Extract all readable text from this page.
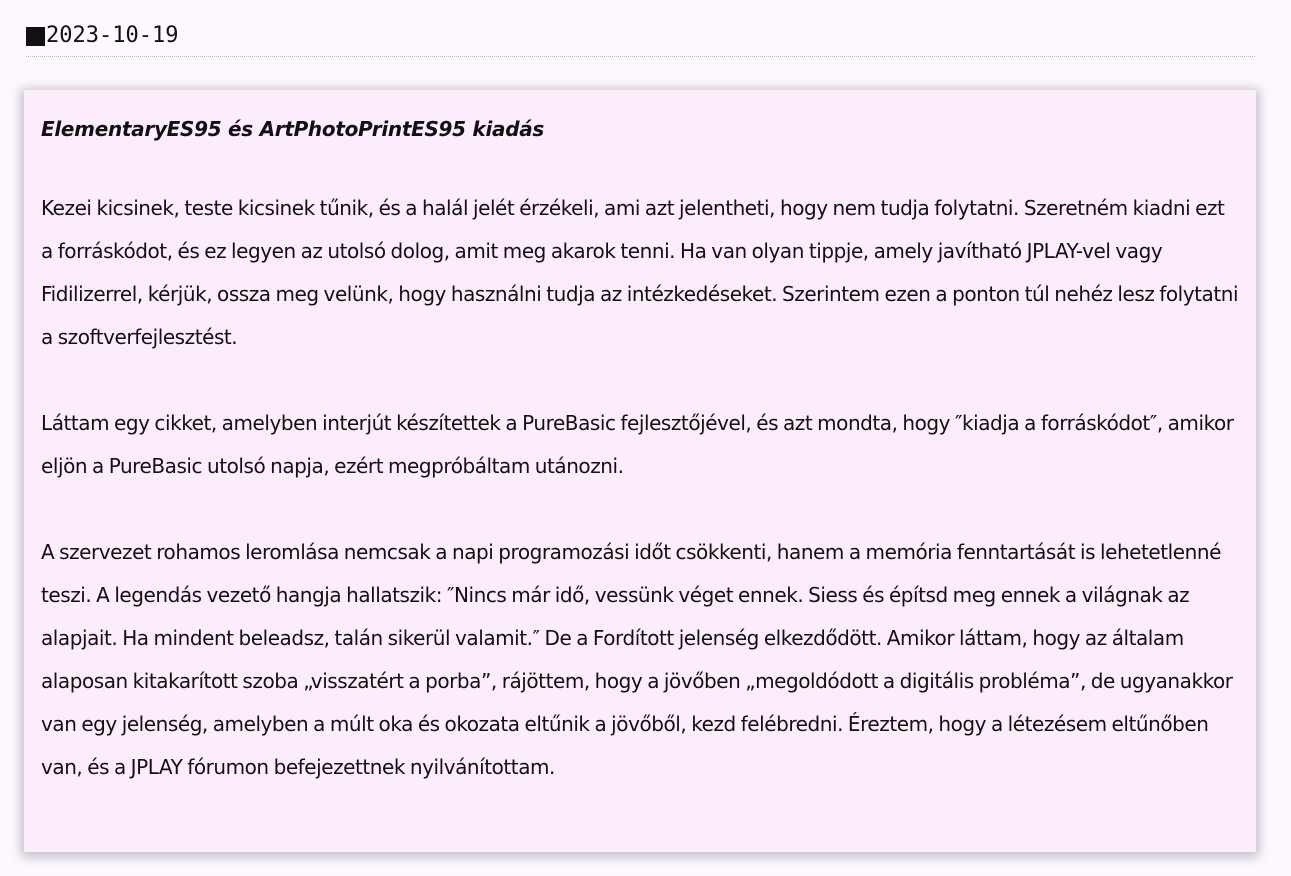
2023-10-19
ElementaryES95 és ArtPhotoPrintES95 kiadás

Kezei kicsinek, teste kicsinek tűnik, és a halál jelét érzékeli, ami azt jelentheti, hogy nem tudja folytatni. Szeretném kiadni ezt a forráskódot, és ez legyen az utolsó dolog, amit meg akarok tenni. Ha van olyan tippje, amely javítható JPLAY-vel vagy Fidilizerrel, kérjük, ossza meg velünk, hogy használni tudja az intézkedéseket. Szerintem ezen a ponton túl nehéz lesz folytatni a szoftverfejlesztést.

Láttam egy cikket, amelyben interjút készítettek a PureBasic fejlesztőjével, és azt mondta, hogy ″kiadja a forráskódot″, amikor eljön a PureBasic utolsó napja, ezért megpróbáltam utánozni.

A szervezet rohamos leromlása nemcsak a napi programozási időt csökkenti, hanem a memória fenntartását is lehetetlenné teszi. A legendás vezető hangja hallatszik: ″Nincs már idő, vessünk véget ennek. Siess és építsd meg ennek a világnak az alapjait. Ha mindent beleadsz, talán sikerül valamit.″ De a Fordított jelenség elkezdődött. Amikor láttam, hogy az általam alaposan kitakarított szoba „visszatért a porba”, rájöttem, hogy a jövőben „megoldódott a digitális probléma”, de ugyanakkor van egy jelenség, amelyben a múlt oka és okozata eltűnik a jövőből, kezd felébredni. Éreztem, hogy a létezésem eltűnőben van, és a JPLAY fórumon befejezettnek nyilvánítottam.
